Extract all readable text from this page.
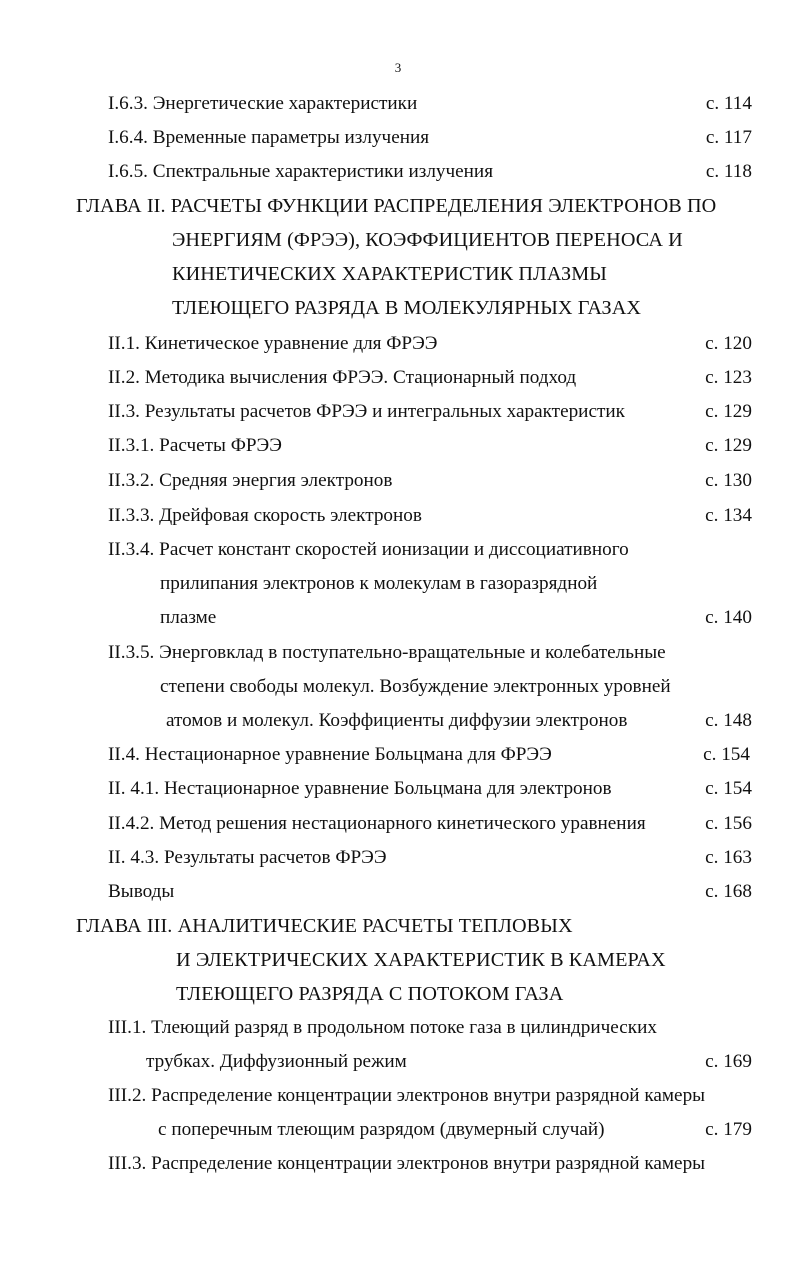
3
I.6.3. Энергетические характеристики	с. 114
I.6.4. Временные параметры излучения	с. 117
I.6.5. Спектральные характеристики излучения	с. 118
ГЛАВА II. РАСЧЕТЫ ФУНКЦИИ РАСПРЕДЕЛЕНИЯ ЭЛЕКТРОНОВ ПО
ЭНЕРГИЯМ (ФРЭЭ), КОЭФФИЦИЕНТОВ ПЕРЕНОСА И
КИНЕТИЧЕСКИХ ХАРАКТЕРИСТИК ПЛАЗМЫ
ТЛЕЮЩЕГО РАЗРЯДА В МОЛЕКУЛЯРНЫХ ГАЗАХ
II.1. Кинетическое уравнение для ФРЭЭ	с. 120
II.2. Методика вычисления ФРЭЭ. Стационарный подход	с. 123
II.3. Результаты расчетов ФРЭЭ и интегральных характеристик	с. 129
II.3.1. Расчеты ФРЭЭ	с. 129
II.3.2. Средняя энергия электронов	с. 130
II.3.3. Дрейфовая скорость электронов	с. 134
II.3.4. Расчет констант скоростей ионизации и диссоциативного
прилипания электронов к молекулам в газоразрядной
плазме	с. 140
II.3.5. Энерговклад в поступательно-вращательные и колебательные
степени свободы молекул. Возбуждение электронных уровней
атомов и молекул. Коэффициенты диффузии электронов	с. 148
II.4. Нестационарное уравнение Больцмана для ФРЭЭ	с. 154
II. 4.1. Нестационарное уравнение Больцмана для электронов	с. 154
II.4.2. Метод решения нестационарного кинетического уравнения	с. 156
II. 4.3. Результаты расчетов ФРЭЭ	с. 163
Выводы	с. 168
ГЛАВА III. АНАЛИТИЧЕСКИЕ РАСЧЕТЫ ТЕПЛОВЫХ
И ЭЛЕКТРИЧЕСКИХ ХАРАКТЕРИСТИК В КАМЕРАХ
ТЛЕЮЩЕГО РАЗРЯДА С ПОТОКОМ ГАЗА
III.1. Тлеющий разряд в продольном потоке газа в цилиндрических
трубках. Диффузионный режим	с. 169
III.2. Распределение концентрации электронов внутри разрядной камеры
с поперечным тлеющим разрядом (двумерный случай)	с. 179
III.3. Распределение концентрации электронов внутри разрядной камеры
